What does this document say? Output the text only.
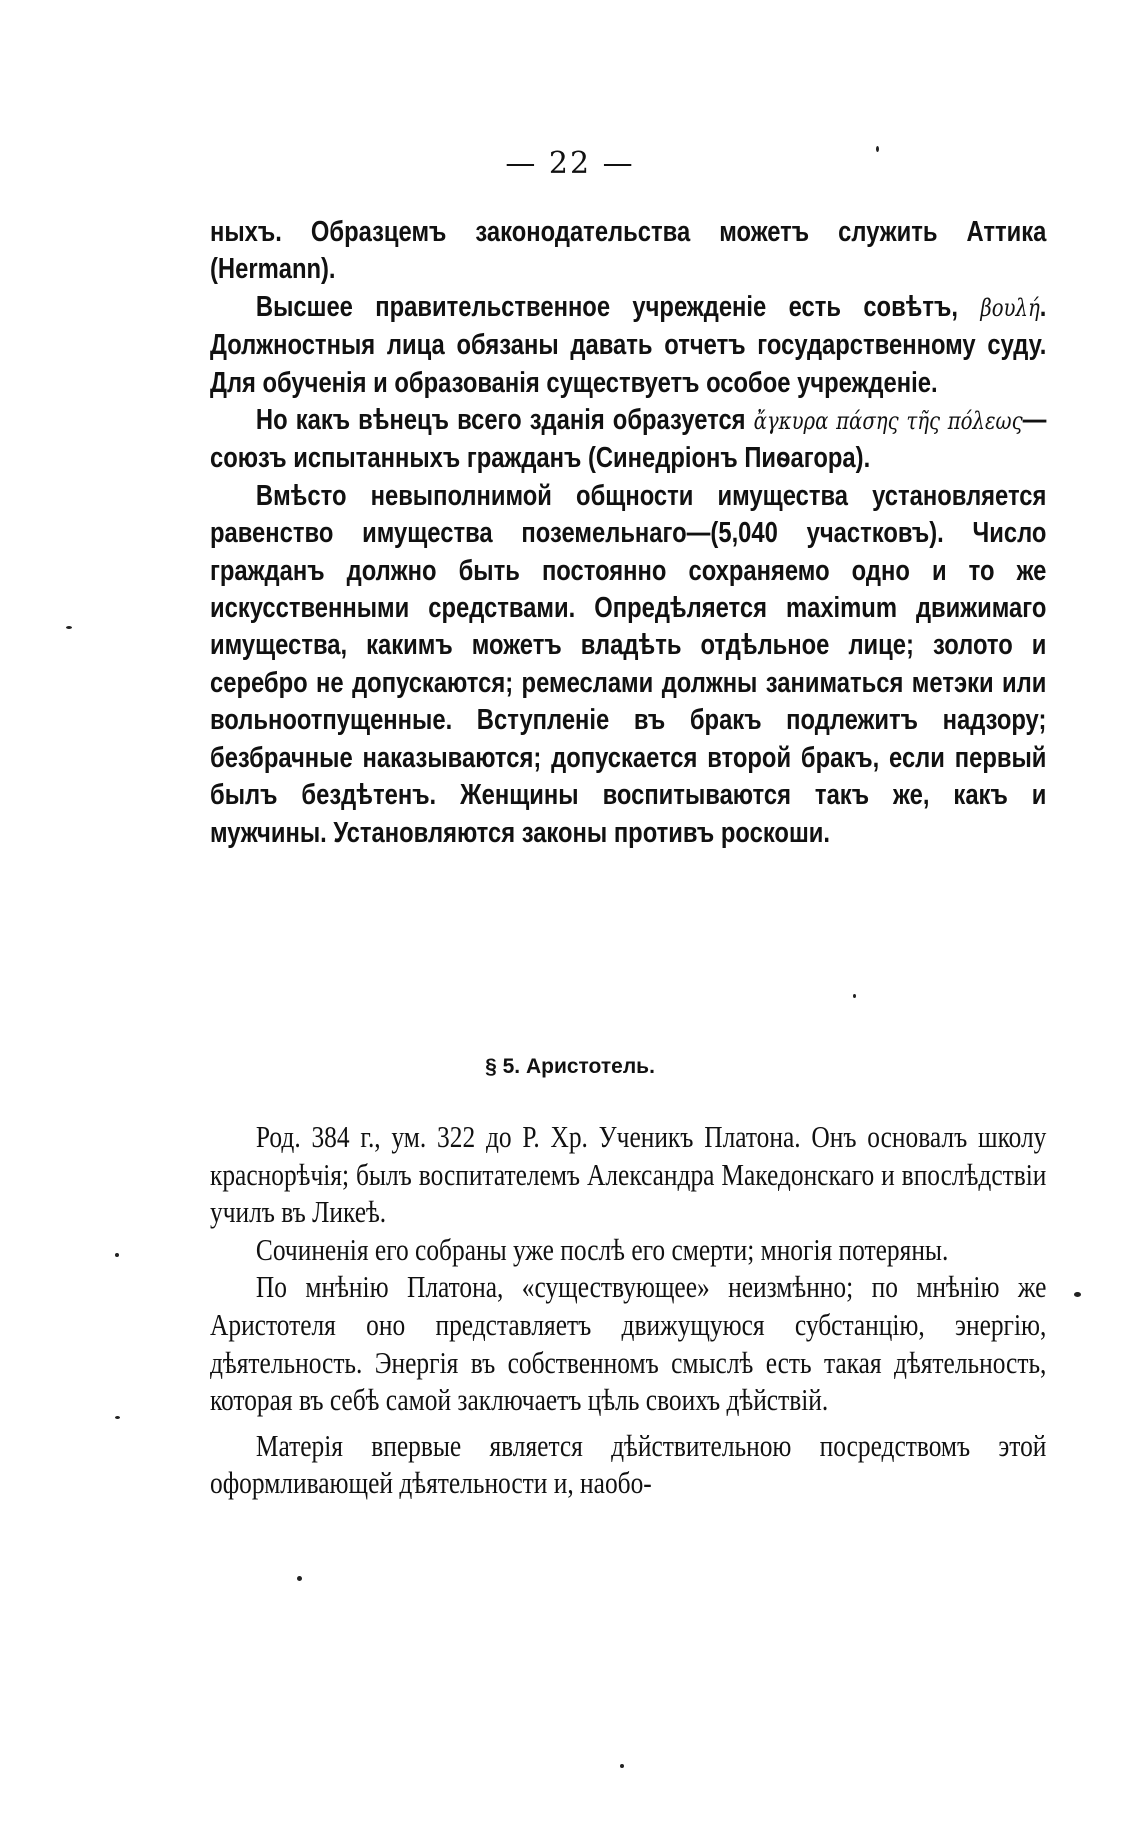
— 22 —

ныхъ. Образцемъ законодательства можетъ служить Аттика (Hermann).

Высшее правительственное учрежденіе есть совѣтъ, βουλή. Должностныя лица обязаны давать отчетъ государственному суду. Для обученія и образованія существуетъ особое учрежденіе.

Но какъ вѣнецъ всего зданія образуется ἄγκυρα πάσης τῆς πόλεως—союзъ испытанныхъ гражданъ (Синедріонъ Пиѳагора).

Вмѣсто невыполнимой общности имущества установляется равенство имущества поземельнаго—(5,040 участковъ). Число гражданъ должно быть постоянно сохраняемо одно и то же искусственными средствами. Опредѣляется maximum движимаго имущества, какимъ можетъ владѣть отдѣльное лице; золото и серебро не допускаются; ремеслами должны заниматься метэки или вольноотпущенные. Вступленіе въ бракъ подлежитъ надзору; безбрачные наказываются; допускается второй бракъ, если первый былъ бездѣтенъ. Женщины воспитываются такъ же, какъ и мужчины. Установляются законы противъ роскоши.

§ 5. Аристотель.

Род. 384 г., ум. 322 до Р. Хр. Ученикъ Платона. Онъ основалъ школу краснорѣчія; былъ воспитателемъ Александра Македонскаго и впослѣдствіи училъ въ Ликеѣ.

Сочиненія его собраны уже послѣ его смерти; многія потеряны.

По мнѣнію Платона, «существующее» неизмѣнно; по мнѣнію же Аристотеля оно представляетъ движущуюся субстанцію, энергію, дѣятельность. Энергія въ собственномъ смыслѣ есть такая дѣятельность, которая въ себѣ самой заключаетъ цѣль своихъ дѣйствій.

Матерія впервые является дѣйствительною посредствомъ этой оформливающей дѣятельности и, наобо-
